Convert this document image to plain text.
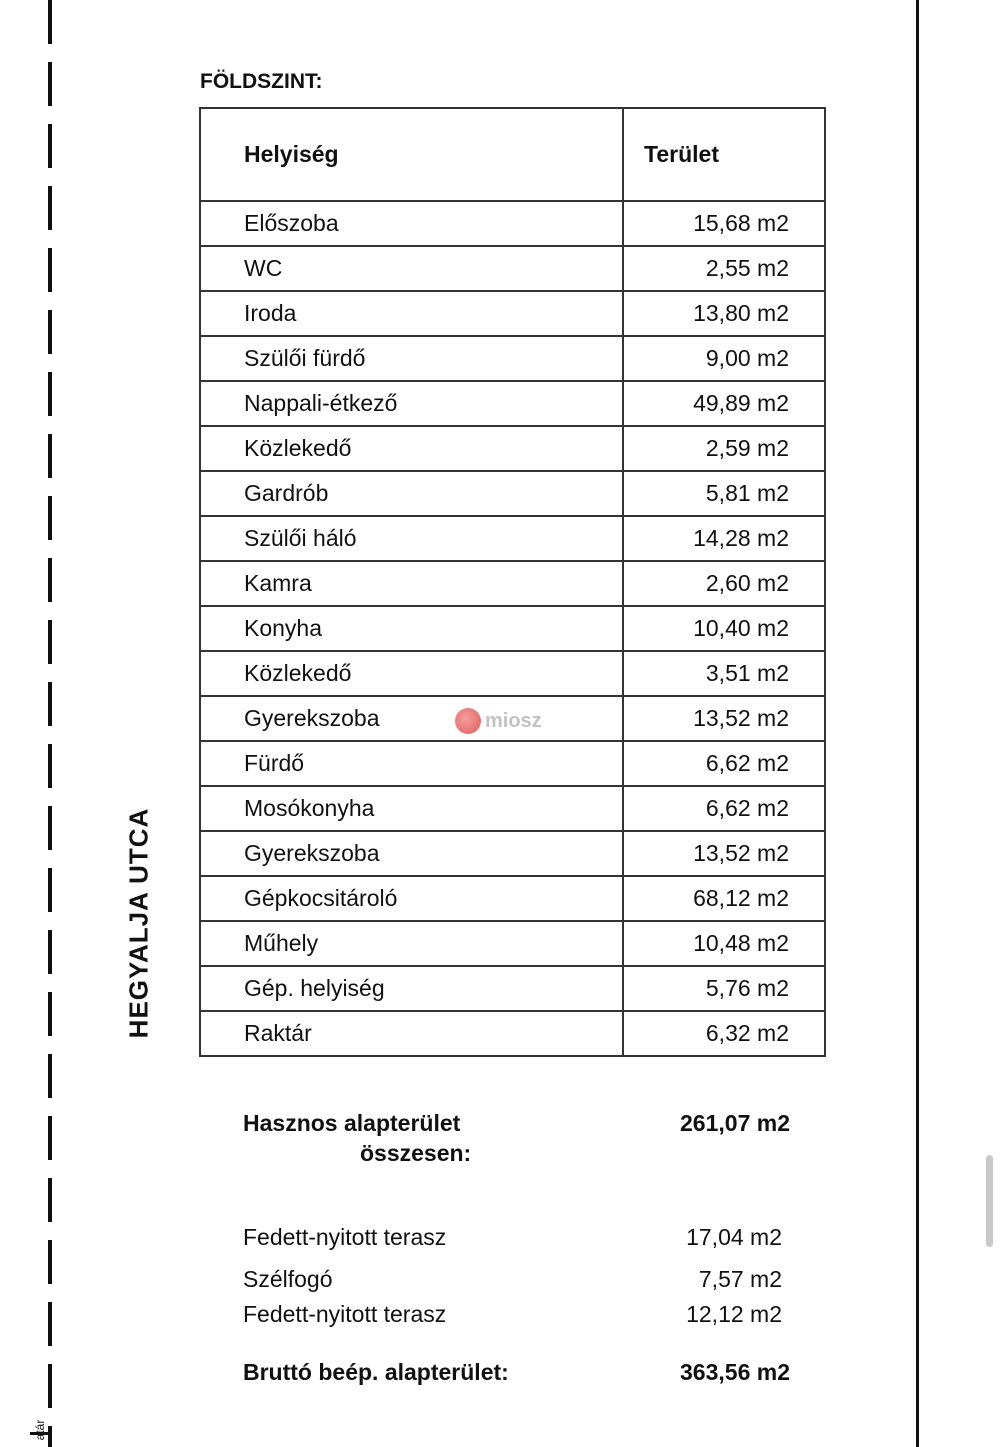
HEGYALJA UTCA
atár
FÖLDSZINT:
Helyiség	Terület
Előszoba	15,68 m2
WC	2,55 m2
Iroda	13,80 m2
Szülői fürdő	9,00 m2
Nappali-étkező	49,89 m2
Közlekedő	2,59 m2
Gardrób	5,81 m2
Szülői háló	14,28 m2
Kamra	2,60 m2
Konyha	10,40 m2
Közlekedő	3,51 m2
Gyerekszoba	13,52 m2
Fürdő	6,62 m2
Mosókonyha	6,62 m2
Gyerekszoba	13,52 m2
Gépkocsitároló	68,12 m2
Műhely	10,48 m2
Gép. helyiség	5,76 m2
Raktár	6,32 m2
miosz
Hasznos alapterület
összesen:
261,07 m2
Fedett-nyitott terasz	17,04 m2
Szélfogó	7,57 m2
Fedett-nyitott terasz	12,12 m2
Bruttó beép. alapterület:	363,56 m2
